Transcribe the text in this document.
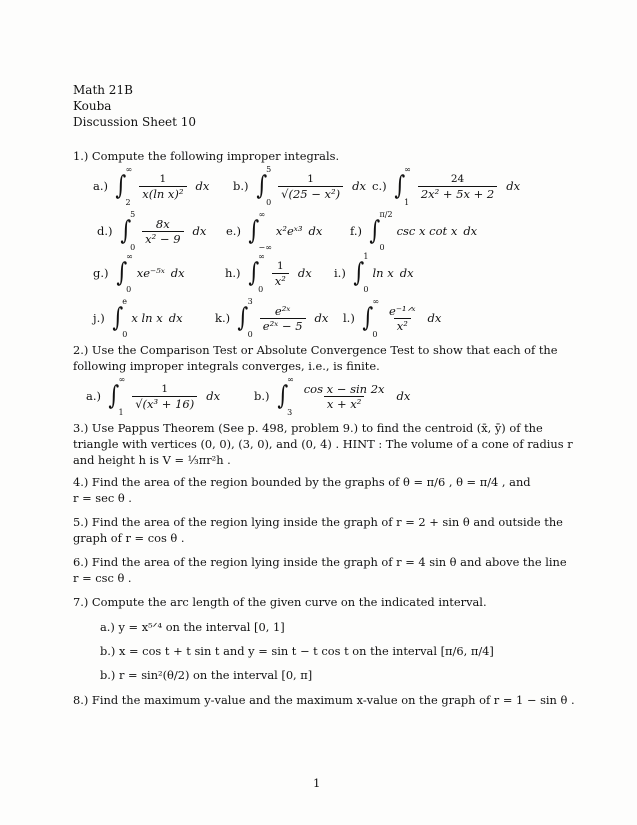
Math 21B
Kouba
Discussion Sheet 10
1.) Compute the following improper integrals.
a.) ∫
∞
2
$\frac{1}{\text{x(ln x)²}}$ dx b.) ∫
5
0
$\frac{1}{\text{√(25 − x²)}}$ dx c.) ∫
∞
1
$\frac{24}{\text{2x² + 5x + 2}}$ dx
d.) ∫
5
0
$\frac{8x}{\text{x² − 9}}$ dx e.) ∫
∞
−∞
x²eˣ³ dx f.) ∫
π/2
0
csc x cot x dx
g.) ∫
∞
0
xe⁻⁵ˣ dx	h.) ∫
∞
0
$\frac{1}{\text{x²}}$ dx i.) ∫
1
0
ln x dx
j.) ∫
e
0
x ln x dx	k.) ∫
3
0
$\frac{\text{e²ˣ}}{\text{e²ˣ − 5}}$ dx l.) ∫
∞
0
$\frac{\text{e⁻¹ᐟˣ}}{\text{x²}}$ dx
2.) Use the Comparison Test or Absolute Convergence Test to show that each of the
following improper integrals converges, i.e., is finite.
a.) ∫
∞
1
$\frac{1}{\text{√(x³ + 16)}}$ dx	b.) ∫
∞
3
$\frac{\text{cos x − sin 2x}}{\text{x + x²}}$ dx
3.) Use Pappus Theorem (See p. 498, problem 9.) to find the centroid (x̄, ȳ) of the
triangle with vertices (0, 0), (3, 0), and (0, 4) . HINT : The volume of a cone of radius r
and height h is V = ⅓πr²h .
4.) Find the area of the region bounded by the graphs of θ = π/6 , θ = π/4 , and
r = sec θ .
5.) Find the area of the region lying inside the graph of r = 2 + sin θ and outside the
graph of r = cos θ .
6.) Find the area of the region lying inside the graph of r = 4 sin θ and above the line
r = csc θ .
7.) Compute the arc length of the given curve on the indicated interval.
a.) y = x⁵ᐟ⁴ on the interval [0, 1]
b.) x = cos t + t sin t and y = sin t − t cos t on the interval [π/6, π/4]
b.) r = sin²(θ/2) on the interval [0, π]
8.) Find the maximum y-value and the maximum x-value on the graph of r = 1 − sin θ .
1
